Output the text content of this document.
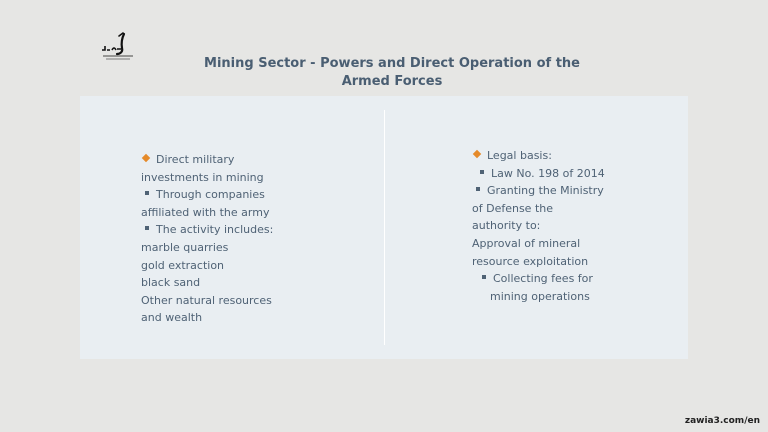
Mining Sector - Powers and Direct Operation of the
Armed Forces
Direct military
investments in mining
Through companies
affiliated with the army
The activity includes:
marble quarries
gold extraction
black sand
Other natural resources
and wealth
Legal basis:
Law No. 198 of 2014
Granting the Ministry
of Defense the
authority to:
Approval of mineral
resource exploitation
Collecting fees for
mining operations
zawia3.com/en
